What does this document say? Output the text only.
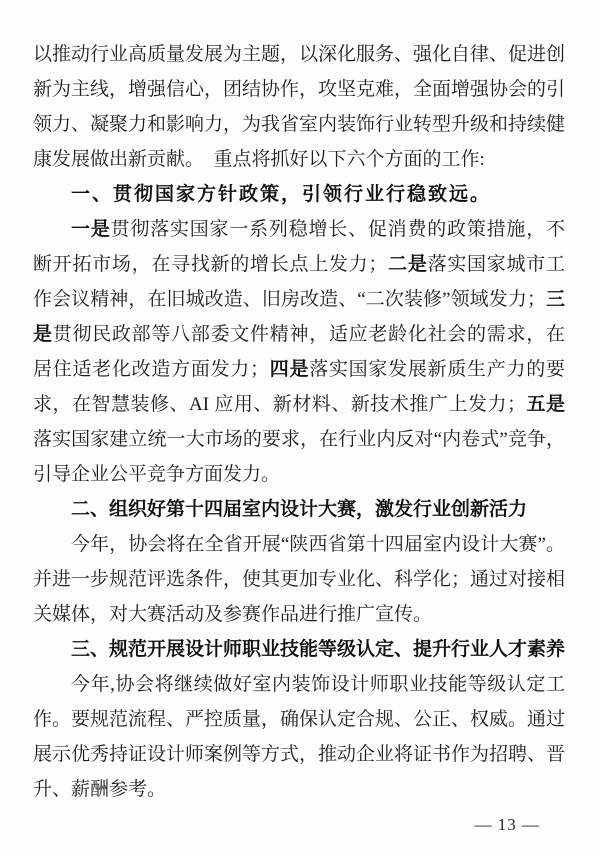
以推动行业高质量发展为主题，以深化服务、强化自律、促进创新为主线，增强信心，团结协作，攻坚克难，全面增强协会的引领力、凝聚力和影响力，为我省室内装饰行业转型升级和持续健康发展做出新贡献。　重点将抓好以下六个方面的工作:

一、贯彻国家方针政策，引领行业行稳致远。

一是贯彻落实国家一系列稳增长、促消费的政策措施，不断开拓市场，在寻找新的增长点上发力；二是落实国家城市工作会议精神，在旧城改造、旧房改造、“二次装修”领域发力；三是贯彻民政部等八部委文件精神，适应老龄化社会的需求，在居住适老化改造方面发力；四是落实国家发展新质生产力的要求，在智慧装修、AI 应用、新材料、新技术推广上发力；五是落实国家建立统一大市场的要求，在行业内反对“内卷式”竞争，引导企业公平竞争方面发力。

二、组织好第十四届室内设计大赛，激发行业创新活力

今年，协会将在全省开展“陕西省第十四届室内设计大赛”。并进一步规范评选条件，使其更加专业化、科学化；通过对接相关媒体，对大赛活动及参赛作品进行推广宣传。

三、规范开展设计师职业技能等级认定、提升行业人才素养

今年,协会将继续做好室内装饰设计师职业技能等级认定工作。要规范流程、严控质量，确保认定合规、公正、权威。通过展示优秀持证设计师案例等方式，推动企业将证书作为招聘、晋升、薪酬参考。

— 13 —
